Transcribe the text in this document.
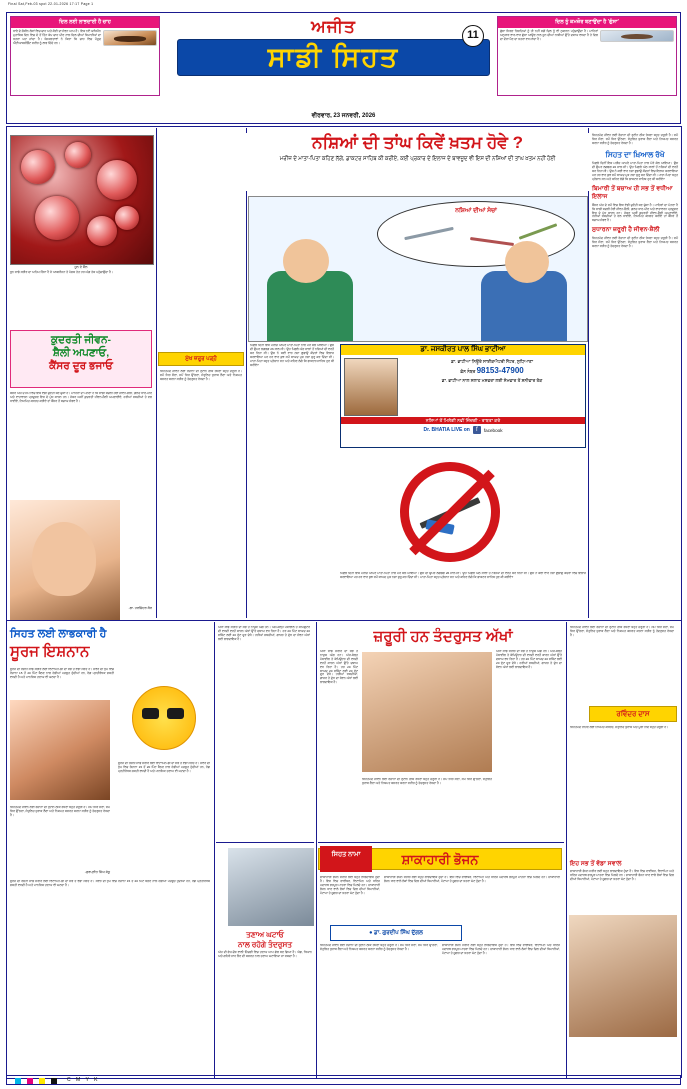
Final Sat,Feb-03 spot 22-01-2026 17:17 Page 1
ਦਿਲ ਲਈ ਲਾਭਦਾਈ ਹੈ ਚਾਹ
ਖਾਣੇ ਦੇ ਸ਼ੌਕੀਨ ਲੋਕਾਂ ਵਿਚ ਚਾਹ ਅਤੇ ਕੌਫੀ ਦਾ ਸੇਵਨ ਆਮ ਹੈ। ਇਕ ਨਵੇਂ ਅਧਿਐਨ ਮੁਤਾਬਿਕ ਦਿਨ ਵਿਚ ਦੋ ਤੋਂ ਤਿੰਨ ਕੱਪ ਚਾਹ ਪੀਣ ਨਾਲ ਦਿਲ ਦੀਆਂ ਬਿਮਾਰੀਆਂ ਦਾ ਖ਼ਤਰਾ ਘਟ ਜਾਂਦਾ ਹੈ। ਖੋਜਕਰਤਾਵਾਂ ਨੇ ਕਿਹਾ ਕਿ ਚਾਹ ਵਿਚ ਮੌਜੂਦ ਐਂਟੀਆਕਸੀਡੈਂਟ ਸਰੀਰ ਨੂੰ ਲਾਭ ਦਿੰਦੇ ਹਨ।
ਅਜੀਤ
ਸਾਡੀ ਸਿਹਤ
11
ਦਿਲ ਨੂੰ ਕਮਜ਼ੋਰ ਬਣਾਉਂਦਾ ਹੈ 'ਗੁੱਸਾ'
ਗੁੱਸਾ ਸਿਰਫ਼ ਰਿਸ਼ਤਿਆਂ ਨੂੰ ਹੀ ਨਹੀਂ ਸਗੋਂ ਦਿਲ ਨੂੰ ਵੀ ਨੁਕਸਾਨ ਪਹੁੰਚਾਉਂਦਾ ਹੈ। ਮਾਹਿਰਾਂ ਅਨੁਸਾਰ ਵਾਰ-ਵਾਰ ਗੁੱਸਾ ਆਉਣ ਨਾਲ ਖ਼ੂਨ ਦੀਆਂ ਨਾੜੀਆਂ ਉੱਤੇ ਦਬਾਅ ਵਧਦਾ ਹੈ ਤੇ ਦਿਲ ਦਾ ਦੌਰਾ ਪੈਣ ਦਾ ਖ਼ਤਰਾ ਵਧ ਜਾਂਦਾ ਹੈ।
ਵੀਰਵਾਰ, 23 ਜਨਵਰੀ, 2026
ਖ਼ੂਨ ਦੇ ਸੈੱਲ
ਖ਼ੂਨ ਸਾਡੇ ਸਰੀਰ ਦਾ ਅਹਿਮ ਹਿੱਸਾ ਹੈ ਜੋ ਆਕਸੀਜਨ ਤੇ ਪੋਸ਼ਕ ਤੱਤ ਹਰ ਅੰਗ ਤੱਕ ਪਹੁੰਚਾਉਂਦਾ ਹੈ।
ਕੁਦਰਤੀ ਜੀਵਨ-
ਸ਼ੈਲੀ ਅਪਣਾਓ,
ਕੈਂਸਰ ਦੂਰ ਭਜਾਓ
ਕੈਂਸਰ ਅੱਜ ਦੇ ਸਮੇਂ ਵਿਚ ਇਕ ਵੱਡੀ ਚੁਣੌਤੀ ਬਣ ਚੁੱਕਾ ਹੈ। ਮਾਹਿਰਾਂ ਦਾ ਮੰਨਣਾ ਹੈ ਕਿ ਸਾਡੀ ਬਦਲੀ ਹੋਈ ਜੀਵਨ-ਸ਼ੈਲੀ, ਗ਼ਲਤ ਖਾਣ-ਪੀਣ ਅਤੇ ਵਾਤਾਵਰਨ ਪ੍ਰਦੂਸ਼ਣ ਇਸ ਦੇ ਮੁੱਖ ਕਾਰਨ ਹਨ। ਜੇਕਰ ਅਸੀਂ ਕੁਦਰਤੀ ਜੀਵਨ-ਸ਼ੈਲੀ ਅਪਣਾਈਏ, ਹਰੀਆਂ ਸਬਜ਼ੀਆਂ ਤੇ ਫਲ ਖਾਈਏ, ਨਿਯਮਿਤ ਕਸਰਤ ਕਰੀਏ ਤਾਂ ਕੈਂਸਰ ਤੋਂ ਬਚਾਅ ਸੰਭਵ ਹੈ।
-ਡਾ. ਹਰਸ਼ਿੰਦਰ ਕੌਰ
ਮੁੱਖ ਜ਼ਰੂਰ ਪੜ੍ਹੋ
ਸਿਹਤਮੰਦ ਜੀਵਨ ਲਈ ਰੋਜ਼ਾਨਾ ਦੀ ਰੁਟੀਨ ਠੀਕ ਰੱਖਣਾ ਬਹੁਤ ਜ਼ਰੂਰੀ ਹੈ। ਸਮੇਂ ਸਿਰ ਸੌਣਾ, ਸਮੇਂ ਸਿਰ ਉੱਠਣਾ, ਸੰਤੁਲਿਤ ਖ਼ੁਰਾਕ ਲੈਣਾ ਅਤੇ ਨਿਯਮਤ ਕਸਰਤ ਕਰਨਾ ਸਰੀਰ ਨੂੰ ਤੰਦਰੁਸਤ ਰੱਖਦਾ ਹੈ।
ਨਸ਼ਿਆਂ ਦੀ ਤਾਂਘ ਕਿਵੇਂ ਖ਼ਤਮ ਹੋਵੇ ?
ਮਰੀਜ਼ ਦੇ ਮਾਤਾ-ਪਿਤਾ ਕਹਿਣ ਲੱਗੇ, ਡਾਕਟਰ ਸਾਹਿਬ ਕੀ ਕਰੀਏ, ਕਈ ਪ੍ਰਕਾਰ ਦੇ ਇਲਾਜ ਦੇ ਬਾਵਜੂਦ ਵੀ ਇਸ ਦੀ ਨਸ਼ਿਆਂ ਦੀ ਤਾਂਘ ਖ਼ਤਮ ਨਹੀਂ ਹੋਈ
ਨਸ਼ਿਆਂ ਦੀਆਂ ਸੋਚਾਂ
ਪਿਛਲੇ ਦਿਨੀਂ ਇਕ ਮਰੀਜ਼ ਆਪਣੇ ਮਾਤਾ-ਪਿਤਾ ਨਾਲ ਮੇਰੇ ਕੋਲ ਆਇਆ। ਉਸ ਦੀ ਉਮਰ ਲਗਭਗ 26 ਸਾਲ ਸੀ। ਉਹ ਪਿਛਲੇ ਅੱਠ ਸਾਲਾਂ ਤੋਂ ਨਸ਼ਿਆਂ ਦੀ ਵਰਤੋਂ ਕਰ ਰਿਹਾ ਸੀ। ਉਸ ਨੇ ਕਈ ਵਾਰ ਨਸ਼ਾ ਛੁਡਾਊ ਕੇਂਦਰਾਂ ਵਿਚ ਇਲਾਜ ਕਰਵਾਇਆ ਪਰ ਹਰ ਵਾਰ ਕੁਝ ਸਮੇਂ ਬਾਅਦ ਮੁੜ ਨਸ਼ਾ ਸ਼ੁਰੂ ਕਰ ਦਿੰਦਾ ਸੀ। ਮਾਤਾ-ਪਿਤਾ ਬਹੁਤ ਪ੍ਰੇਸ਼ਾਨ ਸਨ ਅਤੇ ਕਹਿਣ ਲੱਗੇ ਕਿ ਡਾਕਟਰ ਸਾਹਿਬ ਹੁਣ ਕੀ ਕਰੀਏ?
ਡਾ. ਜਸਕੀਰਤ ਪਾਲ ਸਿੰਘ ਭਾਟੀਆ
ਡਾ. ਭਾਟੀਆ ਨਿਊਰੋ ਸਾਈਕਐਟਰੀ ਸੈਂਟਰ, ਲੁਧਿਆਣਾ
ਫ਼ੋਨ ਨੰਬਰ 98153-47900
ਡਾ. ਭਾਟੀਆ ਨਾਲ ਸਲਾਹ ਮਸ਼ਵਰਾ ਲਈ ਸੋਮਵਾਰ ਤੋਂ ਸ਼ਨੀਵਾਰ ਤੱਕ
ਨਸ਼ਿਆਂ ਤੋਂ ਮਿਲੇਗੀ ਨਵੀਂ ਜ਼ਿੰਦਗੀ - ਰਾਬਤਾ ਕਰੋ
Dr. BHATIA LIVE on	f	facebook
ਪਿਛਲੇ ਦਿਨੀਂ ਇਕ ਮਰੀਜ਼ ਆਪਣੇ ਮਾਤਾ-ਪਿਤਾ ਨਾਲ ਮੇਰੇ ਕੋਲ ਆਇਆ। ਉਸ ਦੀ ਉਮਰ ਲਗਭਗ 26 ਸਾਲ ਸੀ। ਉਹ ਪਿਛਲੇ ਅੱਠ ਸਾਲਾਂ ਤੋਂ ਨਸ਼ਿਆਂ ਦੀ ਵਰਤੋਂ ਕਰ ਰਿਹਾ ਸੀ। ਉਸ ਨੇ ਕਈ ਵਾਰ ਨਸ਼ਾ ਛੁਡਾਊ ਕੇਂਦਰਾਂ ਵਿਚ ਇਲਾਜ ਕਰਵਾਇਆ ਪਰ ਹਰ ਵਾਰ ਕੁਝ ਸਮੇਂ ਬਾਅਦ ਮੁੜ ਨਸ਼ਾ ਸ਼ੁਰੂ ਕਰ ਦਿੰਦਾ ਸੀ। ਮਾਤਾ-ਪਿਤਾ ਬਹੁਤ ਪ੍ਰੇਸ਼ਾਨ ਸਨ ਅਤੇ ਕਹਿਣ ਲੱਗੇ ਕਿ ਡਾਕਟਰ ਸਾਹਿਬ ਹੁਣ ਕੀ ਕਰੀਏ?
ਸਿਹਤਮੰਦ ਜੀਵਨ ਲਈ ਰੋਜ਼ਾਨਾ ਦੀ ਰੁਟੀਨ ਠੀਕ ਰੱਖਣਾ ਬਹੁਤ ਜ਼ਰੂਰੀ ਹੈ। ਸਮੇਂ ਸਿਰ ਸੌਣਾ, ਸਮੇਂ ਸਿਰ ਉੱਠਣਾ, ਸੰਤੁਲਿਤ ਖ਼ੁਰਾਕ ਲੈਣਾ ਅਤੇ ਨਿਯਮਤ ਕਸਰਤ ਕਰਨਾ ਸਰੀਰ ਨੂੰ ਤੰਦਰੁਸਤ ਰੱਖਦਾ ਹੈ।
ਸਿਹਤ ਦਾ ਖ਼ਿਆਲ ਰੱਖੋ
ਪਿਛਲੇ ਦਿਨੀਂ ਇਕ ਮਰੀਜ਼ ਆਪਣੇ ਮਾਤਾ-ਪਿਤਾ ਨਾਲ ਮੇਰੇ ਕੋਲ ਆਇਆ। ਉਸ ਦੀ ਉਮਰ ਲਗਭਗ 26 ਸਾਲ ਸੀ। ਉਹ ਪਿਛਲੇ ਅੱਠ ਸਾਲਾਂ ਤੋਂ ਨਸ਼ਿਆਂ ਦੀ ਵਰਤੋਂ ਕਰ ਰਿਹਾ ਸੀ। ਉਸ ਨੇ ਕਈ ਵਾਰ ਨਸ਼ਾ ਛੁਡਾਊ ਕੇਂਦਰਾਂ ਵਿਚ ਇਲਾਜ ਕਰਵਾਇਆ ਪਰ ਹਰ ਵਾਰ ਕੁਝ ਸਮੇਂ ਬਾਅਦ ਮੁੜ ਨਸ਼ਾ ਸ਼ੁਰੂ ਕਰ ਦਿੰਦਾ ਸੀ। ਮਾਤਾ-ਪਿਤਾ ਬਹੁਤ ਪ੍ਰੇਸ਼ਾਨ ਸਨ ਅਤੇ ਕਹਿਣ ਲੱਗੇ ਕਿ ਡਾਕਟਰ ਸਾਹਿਬ ਹੁਣ ਕੀ ਕਰੀਏ?
ਬਿਮਾਰੀ ਤੋਂ ਬਚਾਅ ਹੀ ਸਭ ਤੋਂ ਵਧੀਆ ਇਲਾਜ
ਕੈਂਸਰ ਅੱਜ ਦੇ ਸਮੇਂ ਵਿਚ ਇਕ ਵੱਡੀ ਚੁਣੌਤੀ ਬਣ ਚੁੱਕਾ ਹੈ। ਮਾਹਿਰਾਂ ਦਾ ਮੰਨਣਾ ਹੈ ਕਿ ਸਾਡੀ ਬਦਲੀ ਹੋਈ ਜੀਵਨ-ਸ਼ੈਲੀ, ਗ਼ਲਤ ਖਾਣ-ਪੀਣ ਅਤੇ ਵਾਤਾਵਰਨ ਪ੍ਰਦੂਸ਼ਣ ਇਸ ਦੇ ਮੁੱਖ ਕਾਰਨ ਹਨ। ਜੇਕਰ ਅਸੀਂ ਕੁਦਰਤੀ ਜੀਵਨ-ਸ਼ੈਲੀ ਅਪਣਾਈਏ, ਹਰੀਆਂ ਸਬਜ਼ੀਆਂ ਤੇ ਫਲ ਖਾਈਏ, ਨਿਯਮਿਤ ਕਸਰਤ ਕਰੀਏ ਤਾਂ ਕੈਂਸਰ ਤੋਂ ਬਚਾਅ ਸੰਭਵ ਹੈ।
ਸੁਧਾਰਨਾ ਜ਼ਰੂਰੀ ਹੈ ਜੀਵਨ-ਸ਼ੈਲੀ
ਸਿਹਤਮੰਦ ਜੀਵਨ ਲਈ ਰੋਜ਼ਾਨਾ ਦੀ ਰੁਟੀਨ ਠੀਕ ਰੱਖਣਾ ਬਹੁਤ ਜ਼ਰੂਰੀ ਹੈ। ਸਮੇਂ ਸਿਰ ਸੌਣਾ, ਸਮੇਂ ਸਿਰ ਉੱਠਣਾ, ਸੰਤੁਲਿਤ ਖ਼ੁਰਾਕ ਲੈਣਾ ਅਤੇ ਨਿਯਮਤ ਕਸਰਤ ਕਰਨਾ ਸਰੀਰ ਨੂੰ ਤੰਦਰੁਸਤ ਰੱਖਦਾ ਹੈ।
ਸਿਹਤ ਲਈ ਲਾਭਕਾਰੀ ਹੈ
ਸੂਰਜ ਇਸ਼ਨਾਨ
ਸੂਰਜ ਦੀ ਰੌਸ਼ਨੀ ਸਾਡੇ ਸਰੀਰ ਲਈ ਵਿਟਾਮਿਨ-ਡੀ ਦਾ ਸਭ ਤੋਂ ਵੱਡਾ ਸਰੋਤ ਹੈ। ਸਵੇਰ ਦੀ ਧੁੱਪ ਵਿਚ ਰੋਜ਼ਾਨਾ 15 ਤੋਂ 20 ਮਿੰਟ ਬੈਠਣ ਨਾਲ ਹੱਡੀਆਂ ਮਜ਼ਬੂਤ ਹੁੰਦੀਆਂ ਹਨ, ਰੋਗ ਪ੍ਰਤੀਰੋਧਕ ਸ਼ਕਤੀ ਵਧਦੀ ਹੈ ਅਤੇ ਮਾਨਸਿਕ ਤਣਾਅ ਵੀ ਘਟਦਾ ਹੈ।
ਸੂਰਜ ਦੀ ਰੌਸ਼ਨੀ ਸਾਡੇ ਸਰੀਰ ਲਈ ਵਿਟਾਮਿਨ-ਡੀ ਦਾ ਸਭ ਤੋਂ ਵੱਡਾ ਸਰੋਤ ਹੈ। ਸਵੇਰ ਦੀ ਧੁੱਪ ਵਿਚ ਰੋਜ਼ਾਨਾ 15 ਤੋਂ 20 ਮਿੰਟ ਬੈਠਣ ਨਾਲ ਹੱਡੀਆਂ ਮਜ਼ਬੂਤ ਹੁੰਦੀਆਂ ਹਨ, ਰੋਗ ਪ੍ਰਤੀਰੋਧਕ ਸ਼ਕਤੀ ਵਧਦੀ ਹੈ ਅਤੇ ਮਾਨਸਿਕ ਤਣਾਅ ਵੀ ਘਟਦਾ ਹੈ।
ਸਿਹਤਮੰਦ ਜੀਵਨ ਲਈ ਰੋਜ਼ਾਨਾ ਦੀ ਰੁਟੀਨ ਠੀਕ ਰੱਖਣਾ ਬਹੁਤ ਜ਼ਰੂਰੀ ਹੈ। ਸਮੇਂ ਸਿਰ ਸੌਣਾ, ਸਮੇਂ ਸਿਰ ਉੱਠਣਾ, ਸੰਤੁਲਿਤ ਖ਼ੁਰਾਕ ਲੈਣਾ ਅਤੇ ਨਿਯਮਤ ਕਸਰਤ ਕਰਨਾ ਸਰੀਰ ਨੂੰ ਤੰਦਰੁਸਤ ਰੱਖਦਾ ਹੈ।
-ਗੁਰਪ੍ਰੀਤ ਸਿੰਘ ਸੰਧੂ
ਸੂਰਜ ਦੀ ਰੌਸ਼ਨੀ ਸਾਡੇ ਸਰੀਰ ਲਈ ਵਿਟਾਮਿਨ-ਡੀ ਦਾ ਸਭ ਤੋਂ ਵੱਡਾ ਸਰੋਤ ਹੈ। ਸਵੇਰ ਦੀ ਧੁੱਪ ਵਿਚ ਰੋਜ਼ਾਨਾ 15 ਤੋਂ 20 ਮਿੰਟ ਬੈਠਣ ਨਾਲ ਹੱਡੀਆਂ ਮਜ਼ਬੂਤ ਹੁੰਦੀਆਂ ਹਨ, ਰੋਗ ਪ੍ਰਤੀਰੋਧਕ ਸ਼ਕਤੀ ਵਧਦੀ ਹੈ ਅਤੇ ਮਾਨਸਿਕ ਤਣਾਅ ਵੀ ਘਟਦਾ ਹੈ।
ਅੱਖਾਂ ਸਾਡੇ ਸਰੀਰ ਦਾ ਸਭ ਤੋਂ ਨਾਜ਼ੁਕ ਅੰਗ ਹਨ। ਅੱਜ-ਕੱਲ੍ਹ ਮੋਬਾਈਲ ਤੇ ਕੰਪਿਊਟਰ ਦੀ ਵਧਦੀ ਵਰਤੋਂ ਕਾਰਨ ਅੱਖਾਂ ਉੱਤੇ ਦਬਾਅ ਵਧ ਰਿਹਾ ਹੈ। ਹਰ 20 ਮਿੰਟ ਬਾਅਦ 20 ਸਕਿੰਟ ਲਈ 20 ਫੁੱਟ ਦੂਰ ਦੇਖੋ। ਹਰੀਆਂ ਸਬਜ਼ੀਆਂ, ਗਾਜਰ ਤੇ ਦੁੱਧ ਦਾ ਸੇਵਨ ਅੱਖਾਂ ਲਈ ਲਾਭਦਾਇਕ ਹੈ।
ਤਣਾਅ ਘਟਾਓ
ਨਾਲ ਰਹੋਗੇ ਤੰਦਰੁਸਤ
ਅੱਜ ਦੀ ਭੱਜ-ਦੌੜ ਵਾਲੀ ਜ਼ਿੰਦਗੀ ਵਿਚ ਤਣਾਅ ਆਮ ਗੱਲ ਬਣ ਗਿਆ ਹੈ। ਯੋਗ, ਧਿਆਨ ਅਤੇ ਗਹਿਰੇ ਸਾਹ ਲੈਣ ਦੀ ਕਸਰਤ ਨਾਲ ਤਣਾਅ ਘਟਾਇਆ ਜਾ ਸਕਦਾ ਹੈ।
ਜ਼ਰੂਰੀ ਹਨ ਤੰਦਰੁਸਤ ਅੱਖਾਂ
ਅੱਖਾਂ ਸਾਡੇ ਸਰੀਰ ਦਾ ਸਭ ਤੋਂ ਨਾਜ਼ੁਕ ਅੰਗ ਹਨ। ਅੱਜ-ਕੱਲ੍ਹ ਮੋਬਾਈਲ ਤੇ ਕੰਪਿਊਟਰ ਦੀ ਵਧਦੀ ਵਰਤੋਂ ਕਾਰਨ ਅੱਖਾਂ ਉੱਤੇ ਦਬਾਅ ਵਧ ਰਿਹਾ ਹੈ। ਹਰ 20 ਮਿੰਟ ਬਾਅਦ 20 ਸਕਿੰਟ ਲਈ 20 ਫੁੱਟ ਦੂਰ ਦੇਖੋ। ਹਰੀਆਂ ਸਬਜ਼ੀਆਂ, ਗਾਜਰ ਤੇ ਦੁੱਧ ਦਾ ਸੇਵਨ ਅੱਖਾਂ ਲਈ ਲਾਭਦਾਇਕ ਹੈ।
ਅੱਖਾਂ ਸਾਡੇ ਸਰੀਰ ਦਾ ਸਭ ਤੋਂ ਨਾਜ਼ੁਕ ਅੰਗ ਹਨ। ਅੱਜ-ਕੱਲ੍ਹ ਮੋਬਾਈਲ ਤੇ ਕੰਪਿਊਟਰ ਦੀ ਵਧਦੀ ਵਰਤੋਂ ਕਾਰਨ ਅੱਖਾਂ ਉੱਤੇ ਦਬਾਅ ਵਧ ਰਿਹਾ ਹੈ। ਹਰ 20 ਮਿੰਟ ਬਾਅਦ 20 ਸਕਿੰਟ ਲਈ 20 ਫੁੱਟ ਦੂਰ ਦੇਖੋ। ਹਰੀਆਂ ਸਬਜ਼ੀਆਂ, ਗਾਜਰ ਤੇ ਦੁੱਧ ਦਾ ਸੇਵਨ ਅੱਖਾਂ ਲਈ ਲਾਭਦਾਇਕ ਹੈ।
ਸਿਹਤਮੰਦ ਜੀਵਨ ਲਈ ਰੋਜ਼ਾਨਾ ਦੀ ਰੁਟੀਨ ਠੀਕ ਰੱਖਣਾ ਬਹੁਤ ਜ਼ਰੂਰੀ ਹੈ। ਸਮੇਂ ਸਿਰ ਸੌਣਾ, ਸਮੇਂ ਸਿਰ ਉੱਠਣਾ, ਸੰਤੁਲਿਤ ਖ਼ੁਰਾਕ ਲੈਣਾ ਅਤੇ ਨਿਯਮਤ ਕਸਰਤ ਕਰਨਾ ਸਰੀਰ ਨੂੰ ਤੰਦਰੁਸਤ ਰੱਖਦਾ ਹੈ।
ਸ਼ਾਕਾਹਾਰੀ ਭੋਜਨ
ਸਿਹਤ ਨਾਮਾ
● ਡਾ. ਗੁਰਦੀਪ ਸਿੰਘ ਦੁੱਗਲ
ਸ਼ਾਕਾਹਾਰੀ ਭੋਜਨ ਸਰੀਰ ਲਈ ਬਹੁਤ ਲਾਭਦਾਇਕ ਹੁੰਦਾ ਹੈ। ਇਸ ਵਿਚ ਫਾਈਬਰ, ਵਿਟਾਮਿਨ ਅਤੇ ਖਣਿਜ ਪਦਾਰਥ ਭਰਪੂਰ ਮਾਤਰਾ ਵਿਚ ਮਿਲਦੇ ਹਨ। ਸ਼ਾਕਾਹਾਰੀ ਭੋਜਨ ਖਾਣ ਵਾਲੇ ਲੋਕਾਂ ਵਿਚ ਦਿਲ ਦੀਆਂ ਬਿਮਾਰੀਆਂ, ਮੋਟਾਪਾ ਤੇ ਸ਼ੂਗਰ ਦਾ ਖ਼ਤਰਾ ਘੱਟ ਹੁੰਦਾ ਹੈ।
ਸ਼ਾਕਾਹਾਰੀ ਭੋਜਨ ਸਰੀਰ ਲਈ ਬਹੁਤ ਲਾਭਦਾਇਕ ਹੁੰਦਾ ਹੈ। ਇਸ ਵਿਚ ਫਾਈਬਰ, ਵਿਟਾਮਿਨ ਅਤੇ ਖਣਿਜ ਪਦਾਰਥ ਭਰਪੂਰ ਮਾਤਰਾ ਵਿਚ ਮਿਲਦੇ ਹਨ। ਸ਼ਾਕਾਹਾਰੀ ਭੋਜਨ ਖਾਣ ਵਾਲੇ ਲੋਕਾਂ ਵਿਚ ਦਿਲ ਦੀਆਂ ਬਿਮਾਰੀਆਂ, ਮੋਟਾਪਾ ਤੇ ਸ਼ੂਗਰ ਦਾ ਖ਼ਤਰਾ ਘੱਟ ਹੁੰਦਾ ਹੈ।
ਸਿਹਤਮੰਦ ਜੀਵਨ ਲਈ ਰੋਜ਼ਾਨਾ ਦੀ ਰੁਟੀਨ ਠੀਕ ਰੱਖਣਾ ਬਹੁਤ ਜ਼ਰੂਰੀ ਹੈ। ਸਮੇਂ ਸਿਰ ਸੌਣਾ, ਸਮੇਂ ਸਿਰ ਉੱਠਣਾ, ਸੰਤੁਲਿਤ ਖ਼ੁਰਾਕ ਲੈਣਾ ਅਤੇ ਨਿਯਮਤ ਕਸਰਤ ਕਰਨਾ ਸਰੀਰ ਨੂੰ ਤੰਦਰੁਸਤ ਰੱਖਦਾ ਹੈ।
ਸ਼ਾਕਾਹਾਰੀ ਭੋਜਨ ਸਰੀਰ ਲਈ ਬਹੁਤ ਲਾਭਦਾਇਕ ਹੁੰਦਾ ਹੈ। ਇਸ ਵਿਚ ਫਾਈਬਰ, ਵਿਟਾਮਿਨ ਅਤੇ ਖਣਿਜ ਪਦਾਰਥ ਭਰਪੂਰ ਮਾਤਰਾ ਵਿਚ ਮਿਲਦੇ ਹਨ। ਸ਼ਾਕਾਹਾਰੀ ਭੋਜਨ ਖਾਣ ਵਾਲੇ ਲੋਕਾਂ ਵਿਚ ਦਿਲ ਦੀਆਂ ਬਿਮਾਰੀਆਂ, ਮੋਟਾਪਾ ਤੇ ਸ਼ੂਗਰ ਦਾ ਖ਼ਤਰਾ ਘੱਟ ਹੁੰਦਾ ਹੈ।
ਸਿਹਤਮੰਦ ਜੀਵਨ ਲਈ ਰੋਜ਼ਾਨਾ ਦੀ ਰੁਟੀਨ ਠੀਕ ਰੱਖਣਾ ਬਹੁਤ ਜ਼ਰੂਰੀ ਹੈ। ਸਮੇਂ ਸਿਰ ਸੌਣਾ, ਸਮੇਂ ਸਿਰ ਉੱਠਣਾ, ਸੰਤੁਲਿਤ ਖ਼ੁਰਾਕ ਲੈਣਾ ਅਤੇ ਨਿਯਮਤ ਕਸਰਤ ਕਰਨਾ ਸਰੀਰ ਨੂੰ ਤੰਦਰੁਸਤ ਰੱਖਦਾ ਹੈ।
ਰਵਿੰਦਰ ਦਾਸ
ਸਿਹਤਮੰਦ ਰਹਿਣ ਲਈ ਨਿਯਮਤ ਕਸਰਤ, ਸੰਤੁਲਿਤ ਖ਼ੁਰਾਕ ਅਤੇ ਪੂਰੀ ਨੀਂਦ ਬਹੁਤ ਜ਼ਰੂਰੀ ਹੈ।
ਇਹ ਸਭ ਤੋਂ ਵੱਡਾ ਸਵਾਲ
ਸ਼ਾਕਾਹਾਰੀ ਭੋਜਨ ਸਰੀਰ ਲਈ ਬਹੁਤ ਲਾਭਦਾਇਕ ਹੁੰਦਾ ਹੈ। ਇਸ ਵਿਚ ਫਾਈਬਰ, ਵਿਟਾਮਿਨ ਅਤੇ ਖਣਿਜ ਪਦਾਰਥ ਭਰਪੂਰ ਮਾਤਰਾ ਵਿਚ ਮਿਲਦੇ ਹਨ। ਸ਼ਾਕਾਹਾਰੀ ਭੋਜਨ ਖਾਣ ਵਾਲੇ ਲੋਕਾਂ ਵਿਚ ਦਿਲ ਦੀਆਂ ਬਿਮਾਰੀਆਂ, ਮੋਟਾਪਾ ਤੇ ਸ਼ੂਗਰ ਦਾ ਖ਼ਤਰਾ ਘੱਟ ਹੁੰਦਾ ਹੈ।
C M Y K
